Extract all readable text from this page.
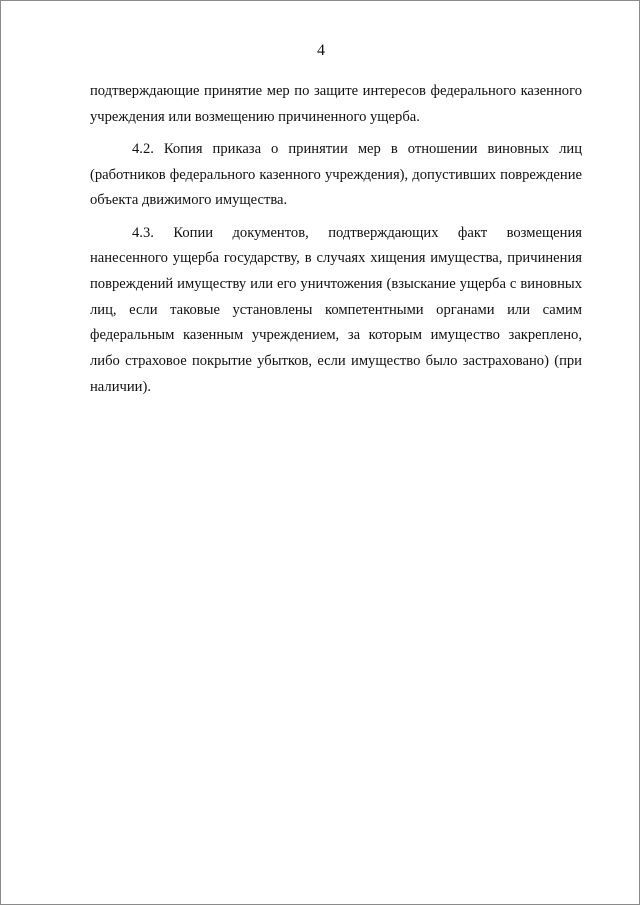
4

подтверждающие принятие мер по защите интересов федерального казенного учреждения или возмещению причиненного ущерба.

4.2. Копия приказа о принятии мер в отношении виновных лиц (работников федерального казенного учреждения), допустивших повреждение объекта движимого имущества.

4.3. Копии документов, подтверждающих факт возмещения нанесенного ущерба государству, в случаях хищения имущества, причинения повреждений имуществу или его уничтожения (взыскание ущерба с виновных лиц, если таковые установлены компетентными органами или самим федеральным казенным учреждением, за которым имущество закреплено, либо страховое покрытие убытков, если имущество было застраховано) (при наличии).
